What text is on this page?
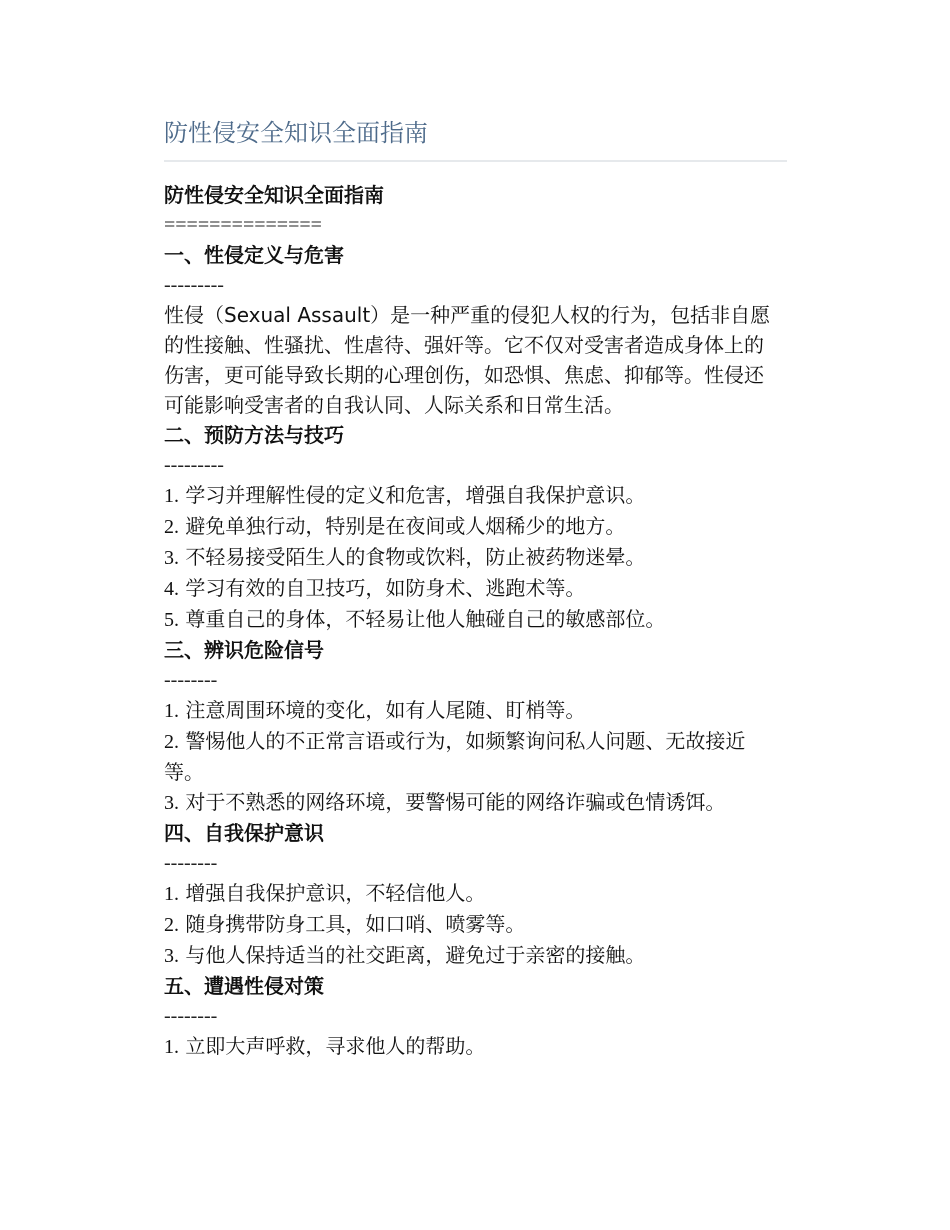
防性侵安全知识全面指南
防性侵安全知识全面指南
==============
一、性侵定义与危害
---------

性侵（Sexual Assault）是一种严重的侵犯人权的行为，包括非自愿的性接触、性骚扰、性虐待、强奸等。它不仅对受害者造成身体上的伤害，更可能导致长期的心理创伤，如恐惧、焦虑、抑郁等。性侵还可能影响受害者的自我认同、人际关系和日常生活。

二、预防方法与技巧
---------
1. 学习并理解性侵的定义和危害，增强自我保护意识。
2. 避免单独行动，特别是在夜间或人烟稀少的地方。
3. 不轻易接受陌生人的食物或饮料，防止被药物迷晕。
4. 学习有效的自卫技巧，如防身术、逃跑术等。
5. 尊重自己的身体，不轻易让他人触碰自己的敏感部位。
三、辨识危险信号
--------
1. 注意周围环境的变化，如有人尾随、盯梢等。
2. 警惕他人的不正常言语或行为，如频繁询问私人问题、无故接近等。
3. 对于不熟悉的网络环境，要警惕可能的网络诈骗或色情诱饵。
四、自我保护意识
--------
1. 增强自我保护意识，不轻信他人。
2. 随身携带防身工具，如口哨、喷雾等。
3. 与他人保持适当的社交距离，避免过于亲密的接触。
五、遭遇性侵对策
--------
1. 立即大声呼救，寻求他人的帮助。
